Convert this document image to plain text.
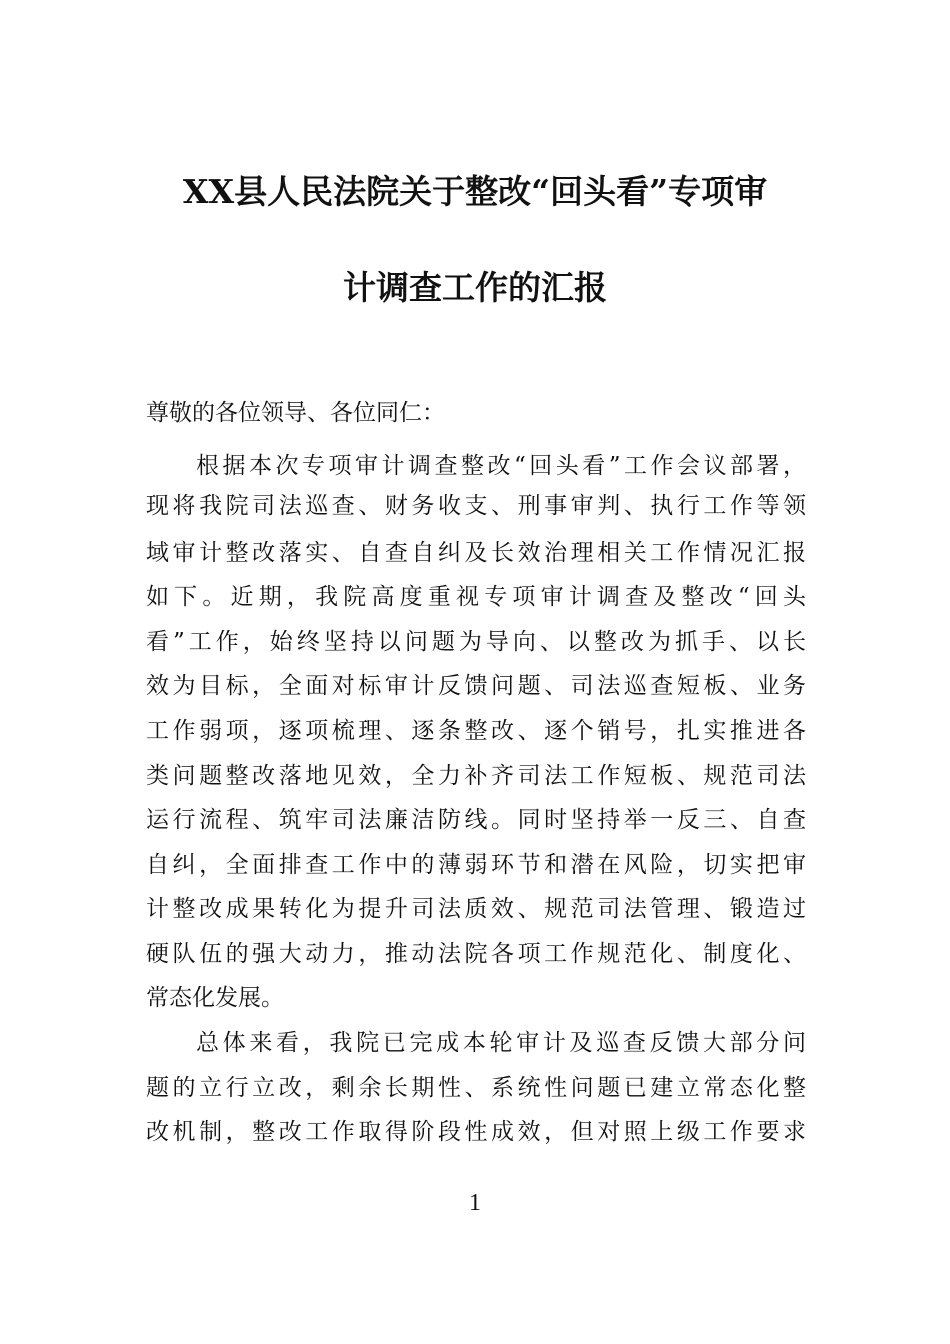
XX县人民法院关于整改“回头看”专项审
计调查工作的汇报
尊敬的各位领导、各位同仁：
根据本次专项审计调查整改“回头看”工作会议部署，
现将我院司法巡查、财务收支、刑事审判、执行工作等领
域审计整改落实、自查自纠及长效治理相关工作情况汇报
如下。近期，我院高度重视专项审计调查及整改“回头
看”工作，始终坚持以问题为导向、以整改为抓手、以长
效为目标，全面对标审计反馈问题、司法巡查短板、业务
工作弱项，逐项梳理、逐条整改、逐个销号，扎实推进各
类问题整改落地见效，全力补齐司法工作短板、规范司法
运行流程、筑牢司法廉洁防线。同时坚持举一反三、自查
自纠，全面排查工作中的薄弱环节和潜在风险，切实把审
计整改成果转化为提升司法质效、规范司法管理、锻造过
硬队伍的强大动力，推动法院各项工作规范化、制度化、
常态化发展。
总体来看，我院已完成本轮审计及巡查反馈大部分问
题的立行立改，剩余长期性、系统性问题已建立常态化整
改机制，整改工作取得阶段性成效，但对照上级工作要求
1
